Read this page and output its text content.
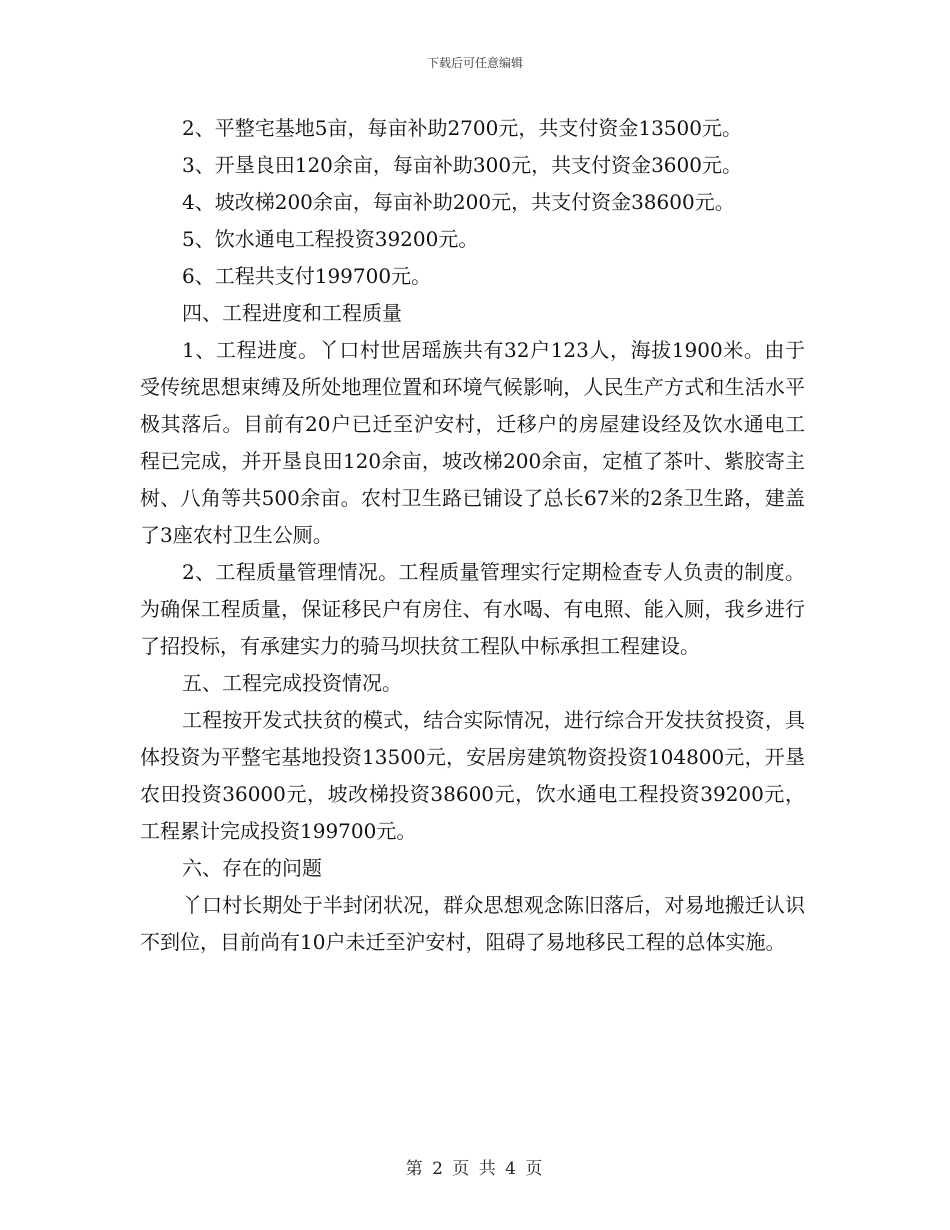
下载后可任意编辑

2、平整宅基地5亩，每亩补助2700元，共支付资金13500元。

3、开垦良田120余亩，每亩补助300元，共支付资金3600元。

4、坡改梯200余亩，每亩补助200元，共支付资金38600元。

5、饮水通电工程投资39200元。

6、工程共支付199700元。

四、工程进度和工程质量

1、工程进度。丫口村世居瑶族共有32户123人，海拔1900米。由于受传统思想束缚及所处地理位置和环境气候影响，人民生产方式和生活水平极其落后。目前有20户已迁至沪安村，迁移户的房屋建设经及饮水通电工程已完成，并开垦良田120余亩，坡改梯200余亩，定植了茶叶、紫胶寄主树、八角等共500余亩。农村卫生路已铺设了总长67米的2条卫生路，建盖了3座农村卫生公厕。

2、工程质量管理情况。工程质量管理实行定期检查专人负责的制度。为确保工程质量，保证移民户有房住、有水喝、有电照、能入厕，我乡进行了招投标，有承建实力的骑马坝扶贫工程队中标承担工程建设。

五、工程完成投资情况。

工程按开发式扶贫的模式，结合实际情况，进行综合开发扶贫投资，具体投资为平整宅基地投资13500元，安居房建筑物资投资104800元，开垦农田投资36000元，坡改梯投资38600元，饮水通电工程投资39200元，工程累计完成投资199700元。

六、存在的问题

丫口村长期处于半封闭状况，群众思想观念陈旧落后，对易地搬迁认识不到位，目前尚有10户未迁至沪安村，阻碍了易地移民工程的总体实施。

第 2 页 共 4 页
